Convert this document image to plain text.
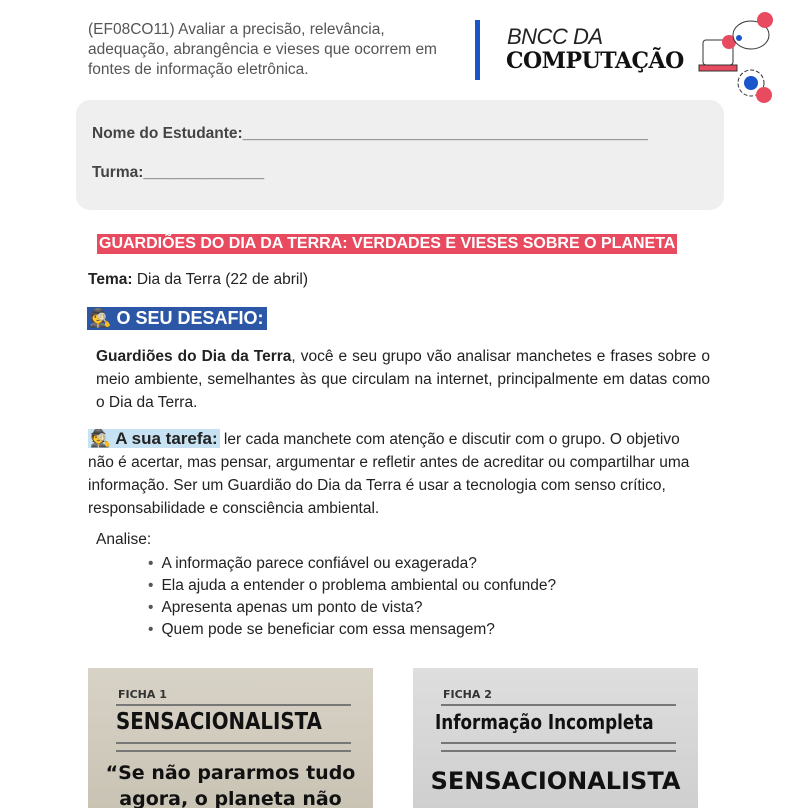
(EF08CO11) Avaliar a precisão, relevância, adequação, abrangência e vieses que ocorrem em fontes de informação eletrônica.
BNCC DA
COMPUTAÇÃO
Nome do Estudante:_______________________________________________
Turma:______________
GUARDIÕES DO DIA DA TERRA: VERDADES E VIESES SOBRE O PLANETA
Tema: Dia da Terra (22 de abril)
🕵️ O SEU DESAFIO:
Guardiões do Dia da Terra, você e seu grupo vão analisar manchetes e frases sobre o meio ambiente, semelhantes às que circulam na internet, principalmente em datas como o Dia da Terra.
🕵️ A sua tarefa: ler cada manchete com atenção e discutir com o grupo. O objetivo não é acertar, mas pensar, argumentar e refletir antes de acreditar ou compartilhar uma informação. Ser um Guardião do Dia da Terra é usar a tecnologia com senso crítico, responsabilidade e consciência ambiental.
Analise:
• A informação parece confiável ou exagerada?
• Ela ajuda a entender o problema ambiental ou confunde?
• Apresenta apenas um ponto de vista?
• Quem pode se beneficiar com essa mensagem?
FICHA 1
SENSACIONALISTA
“Se não pararmos tudo agora, o planeta não
FICHA 2
Informação Incompleta
SENSACIONALISTA
